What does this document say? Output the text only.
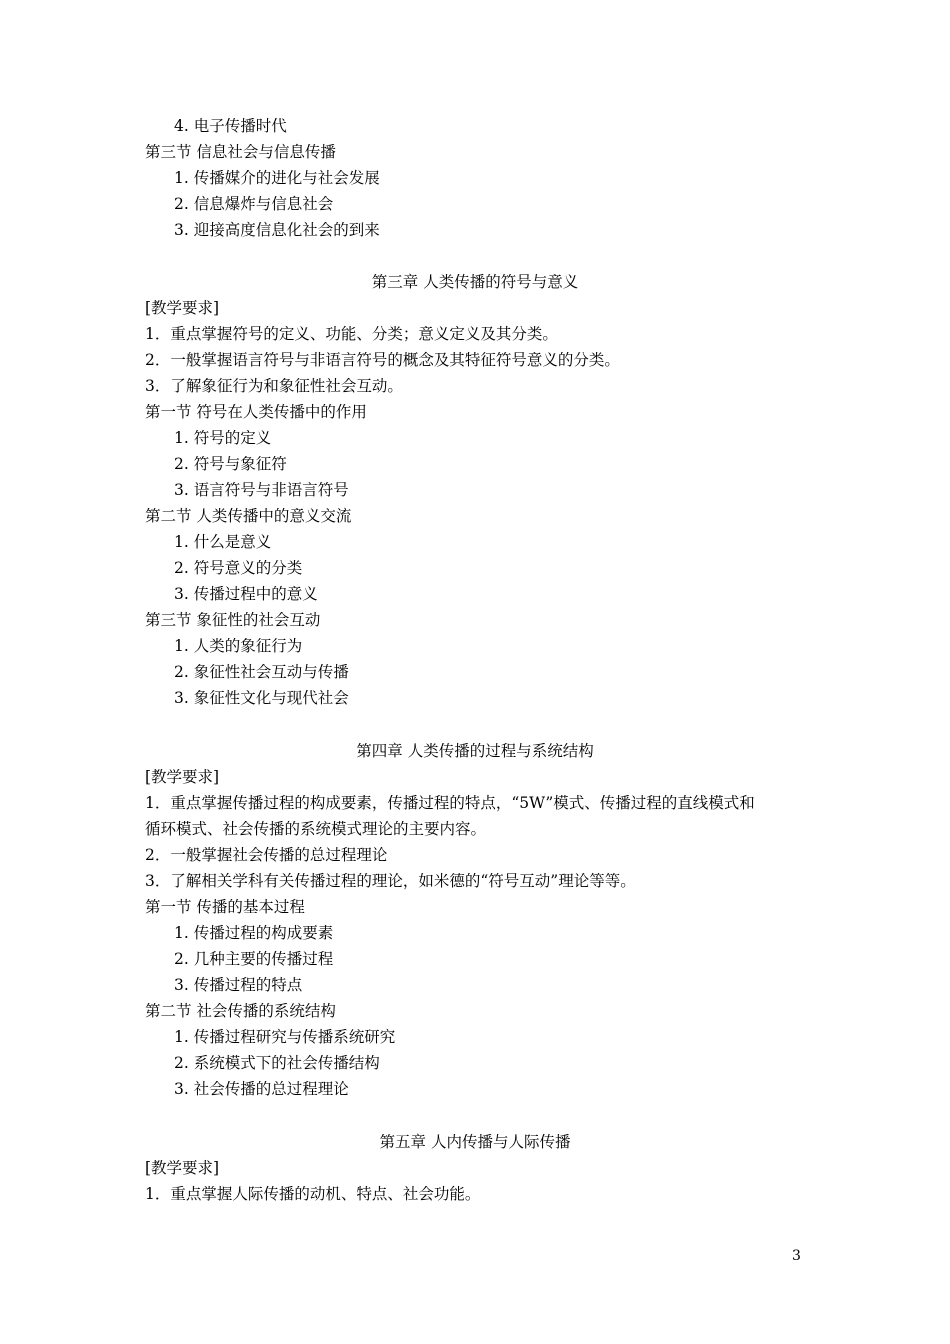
4. 电子传播时代
第三节 信息社会与信息传播
1. 传播媒介的进化与社会发展
2. 信息爆炸与信息社会
3. 迎接高度信息化社会的到来
第三章 人类传播的符号与意义
[教学要求]
1．重点掌握符号的定义、功能、分类；意义定义及其分类。
2．一般掌握语言符号与非语言符号的概念及其特征符号意义的分类。
3．了解象征行为和象征性社会互动。
第一节 符号在人类传播中的作用
1. 符号的定义
2. 符号与象征符
3. 语言符号与非语言符号
第二节 人类传播中的意义交流
1. 什么是意义
2. 符号意义的分类
3. 传播过程中的意义
第三节 象征性的社会互动
1. 人类的象征行为
2. 象征性社会互动与传播
3. 象征性文化与现代社会
第四章 人类传播的过程与系统结构
[教学要求]
1．重点掌握传播过程的构成要素，传播过程的特点，“5W”模式、传播过程的直线模式和
循环模式、社会传播的系统模式理论的主要内容。
2．一般掌握社会传播的总过程理论
3．了解相关学科有关传播过程的理论，如米德的“符号互动”理论等等。
第一节 传播的基本过程
1. 传播过程的构成要素
2. 几种主要的传播过程
3. 传播过程的特点
第二节 社会传播的系统结构
1. 传播过程研究与传播系统研究
2. 系统模式下的社会传播结构
3. 社会传播的总过程理论
第五章 人内传播与人际传播
[教学要求]
1．重点掌握人际传播的动机、特点、社会功能。
3
